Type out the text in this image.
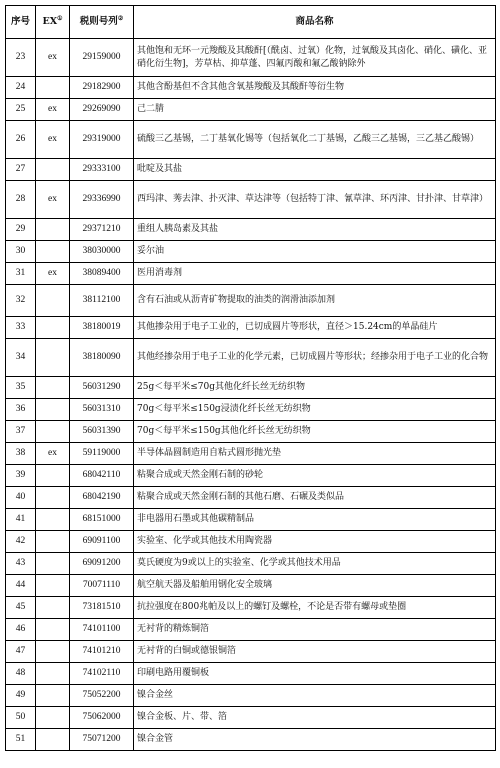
序号	EX①	税则号列②	商品名称
23	ex	29159000	其他饱和无环一元羧酸及其酸酐[（酰卤、过氧）化物，过氧酸及其卤化、硝化、磺化、亚硝化衍生物]，芳草枯、抑草蓬、四氟丙酸和氟乙酸钠除外
24		29182900	其他含酚基但不含其他含氧基羧酸及其酸酐等衍生物
25	ex	29269090	己二腈
26	ex	29319000	硫酸三乙基锡，二丁基氧化锡等（包括氧化二丁基锡，乙酸三乙基锡，三乙基乙酸锡）
27		29333100	吡啶及其盐
28	ex	29336990	西玛津、莠去津、扑灭津、草达津等（包括特丁津、氰草津、环丙津、甘扑津、甘草津）
29		29371210	重组人胰岛素及其盐
30		38030000	妥尔油
31	ex	38089400	医用消毒剂
32		38112100	含有石油或从沥青矿物提取的油类的润滑油添加剂
33		38180019	其他掺杂用于电子工业的，已切成圆片等形状，直径＞15.24cm的单晶硅片
34		38180090	其他经掺杂用于电子工业的化学元素，已切成圆片等形状；经掺杂用于电子工业的化合物
35		56031290	25g＜每平米≤70g其他化纤长丝无纺织物
36		56031310	70g＜每平米≤150g浸渍化纤长丝无纺织物
37		56031390	70g＜每平米≤150g其他化纤长丝无纺织物
38	ex	59119000	半导体晶圆制造用自粘式圆形抛光垫
39		68042110	粘聚合成或天然金刚石制的砂轮
40		68042190	粘聚合成或天然金刚石制的其他石磨、石碾及类似品
41		68151000	非电器用石墨或其他碳精制品
42		69091100	实验室、化学或其他技术用陶瓷器
43		69091200	莫氏硬度为9或以上的实验室、化学或其他技术用品
44		70071110	航空航天器及船舶用钢化安全玻璃
45		73181510	抗拉强度在800兆帕及以上的螺钉及螺栓，不论是否带有螺母或垫圈
46		74101100	无衬背的精炼铜箔
47		74101210	无衬背的白铜或德银铜箔
48		74102110	印刷电路用覆铜板
49		75052200	镍合金丝
50		75062000	镍合金板、片、带、箔
51		75071200	镍合金管
